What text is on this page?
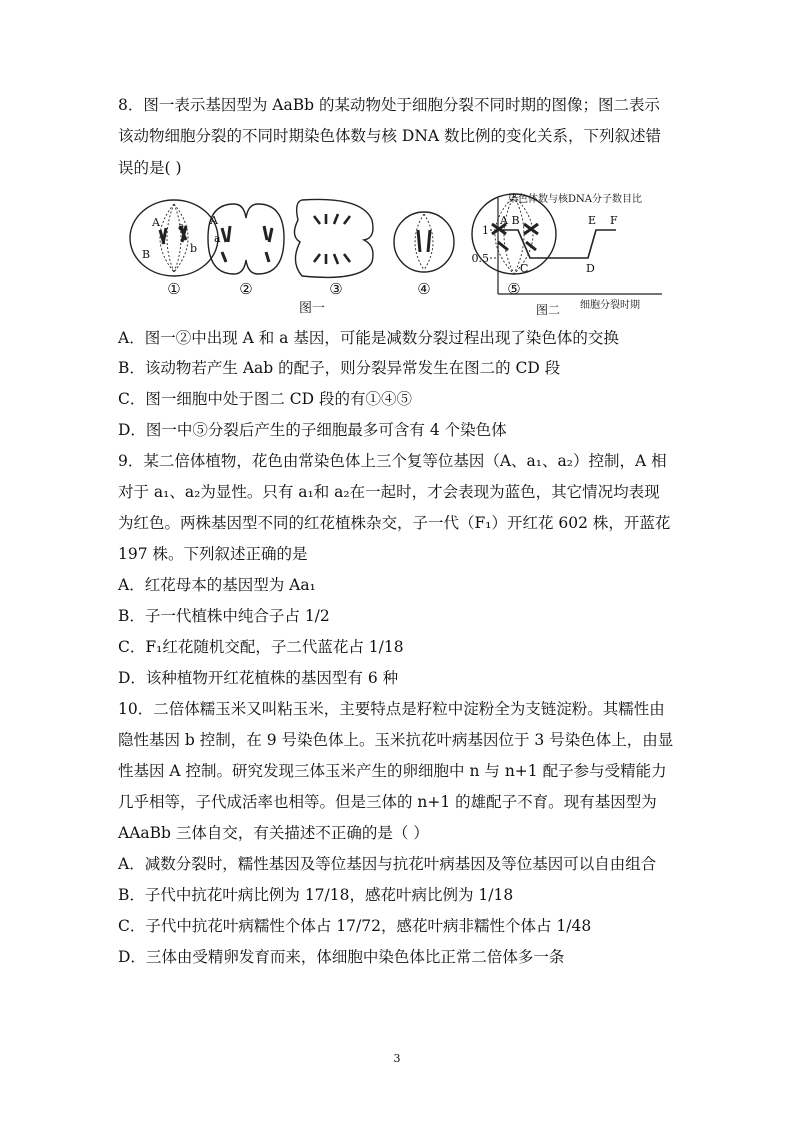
8．图一表示基因型为 AaBb 的某动物处于细胞分裂不同时期的图像；图二表示
该动物细胞分裂的不同时期染色体数与核 DNA 数比例的变化关系，下列叙述错
误的是( )
A a
b
B
A
a
①	②	③	④	⑤
图一
染色体数与核DNA分子数目比
细胞分裂时期
图二
1
0.5
A B
C	D
E F
A．图一②中出现 A 和 a 基因，可能是减数分裂过程出现了染色体的交换
B．该动物若产生 Aab 的配子，则分裂异常发生在图二的 CD 段
C．图一细胞中处于图二 CD 段的有①④⑤
D．图一中⑤分裂后产生的子细胞最多可含有 4 个染色体
9．某二倍体植物，花色由常染色体上三个复等位基因（A、a₁、a₂）控制，A 相
对于 a₁、a₂为显性。只有 a₁和 a₂在一起时，才会表现为蓝色，其它情况均表现
为红色。两株基因型不同的红花植株杂交，子一代（F₁）开红花 602 株，开蓝花
197 株。下列叙述正确的是
A．红花母本的基因型为 Aa₁
B．子一代植株中纯合子占 1/2
C．F₁红花随机交配，子二代蓝花占 1/18
D．该种植物开红花植株的基因型有 6 种
10．二倍体糯玉米又叫粘玉米，主要特点是籽粒中淀粉全为支链淀粉。其糯性由
隐性基因 b 控制，在 9 号染色体上。玉米抗花叶病基因位于 3 号染色体上，由显
性基因 A 控制。研究发现三体玉米产生的卵细胞中 n 与 n+1 配子参与受精能力
几乎相等，子代成活率也相等。但是三体的 n+1 的雄配子不育。现有基因型为
AAaBb 三体自交，有关描述不正确的是（ ）
A．减数分裂时，糯性基因及等位基因与抗花叶病基因及等位基因可以自由组合
B．子代中抗花叶病比例为 17/18，感花叶病比例为 1/18
C．子代中抗花叶病糯性个体占 17/72，感花叶病非糯性个体占 1/48
D．三体由受精卵发育而来，体细胞中染色体比正常二倍体多一条
3
